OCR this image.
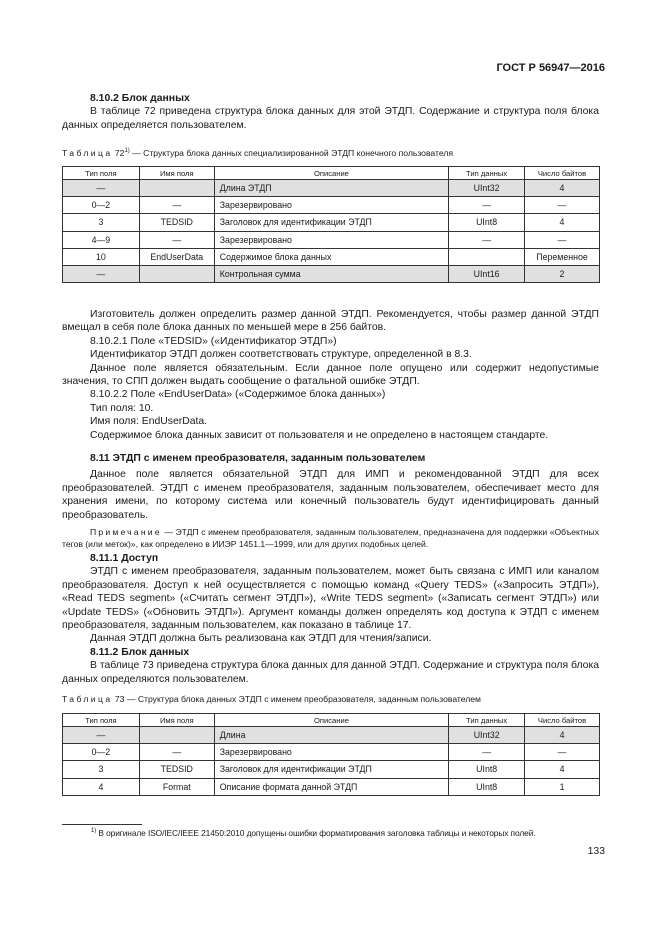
ГОСТ Р 56947—2016

8.10.2 Блок данных

В таблице 72 приведена структура блока данных для этой ЭТДП. Содержание и структура поля блока данных определяется пользователем.

Таблица 72$^{1)}$ — Структура блока данных специализированной ЭТДП конечного пользователя
Тип поля	Имя поля	Описание	Тип данных	Число байтов
—		Длина ЭТДП	UInt32	4
0—2	—	Зарезервировано	—	—
3	TEDSID	Заголовок для идентификации ЭТДП	UInt8	4
4—9	—	Зарезервировано	—	—
10	EndUserData	Содержимое блока данных		Переменное
—		Контрольная сумма	UInt16	2

Изготовитель должен определить размер данной ЭТДП. Рекомендуется, чтобы размер данной ЭТДП вмещал в себя поле блока данных по меньшей мере в 256 байтов.

8.10.2.1 Поле «TEDSID» («Идентификатор ЭТДП»)

Идентификатор ЭТДП должен соответствовать структуре, определенной в 8.3.

Данное поле является обязательным. Если данное поле опущено или содержит недопустимые значения, то СПП должен выдать сообщение о фатальной ошибке ЭТДП.

8.10.2.2 Поле «EndUserData» («Содержимое блока данных»)

Тип поля: 10.

Имя поля: EndUserData.

Содержимое блока данных зависит от пользователя и не определено в настоящем стандарте.

8.11 ЭТДП с именем преобразователя, заданным пользователем

Данное поле является обязательной ЭТДП для ИМП и рекомендованной ЭТДП для всех преобразователей. ЭТДП с именем преобразователя, заданным пользователем, обеспечивает место для хранения имени, по которому система или конечный пользователь будут идентифицировать данный преобразователь.

Примечание — ЭТДП с именем преобразователя, заданным пользователем, предназначена для поддержки «Объектных тегов (или меток)», как определено в ИИЭР 1451.1—1999, или для других подобных целей.

8.11.1 Доступ

ЭТДП с именем преобразователя, заданным пользователем, может быть связана с ИМП или каналом преобразователя. Доступ к ней осуществляется с помощью команд «Query TEDS» («Запросить ЭТДП»), «Read TEDS segment» («Считать сегмент ЭТДП»), «Write TEDS segment» («Записать сегмент ЭТДП») или «Update TEDS» («Обновить ЭТДП»). Аргумент команды должен определять код доступа к ЭТДП с именем преобразователя, заданным пользователем, как показано в таблице 17.

Данная ЭТДП должна быть реализована как ЭТДП для чтения/записи.

8.11.2 Блок данных

В таблице 73 приведена структура блока данных для данной ЭТДП. Содержание и структура поля блока данных определяются пользователем.

Таблица 73 — Структура блока данных ЭТДП с именем преобразователя, заданным пользователем
Тип поля	Имя поля	Описание	Тип данных	Число байтов
—		Длина	UInt32	4
0—2	—	Зарезервировано	—	—
3	TEDSID	Заголовок для идентификации ЭТДП	UInt8	4
4	Format	Описание формата данной ЭТДП	UInt8	1
$^{1)}$ В оригинале ISO/IEC/IEEE 21450:2010 допущены ошибки форматирования заголовка таблицы и некоторых полей.
133
